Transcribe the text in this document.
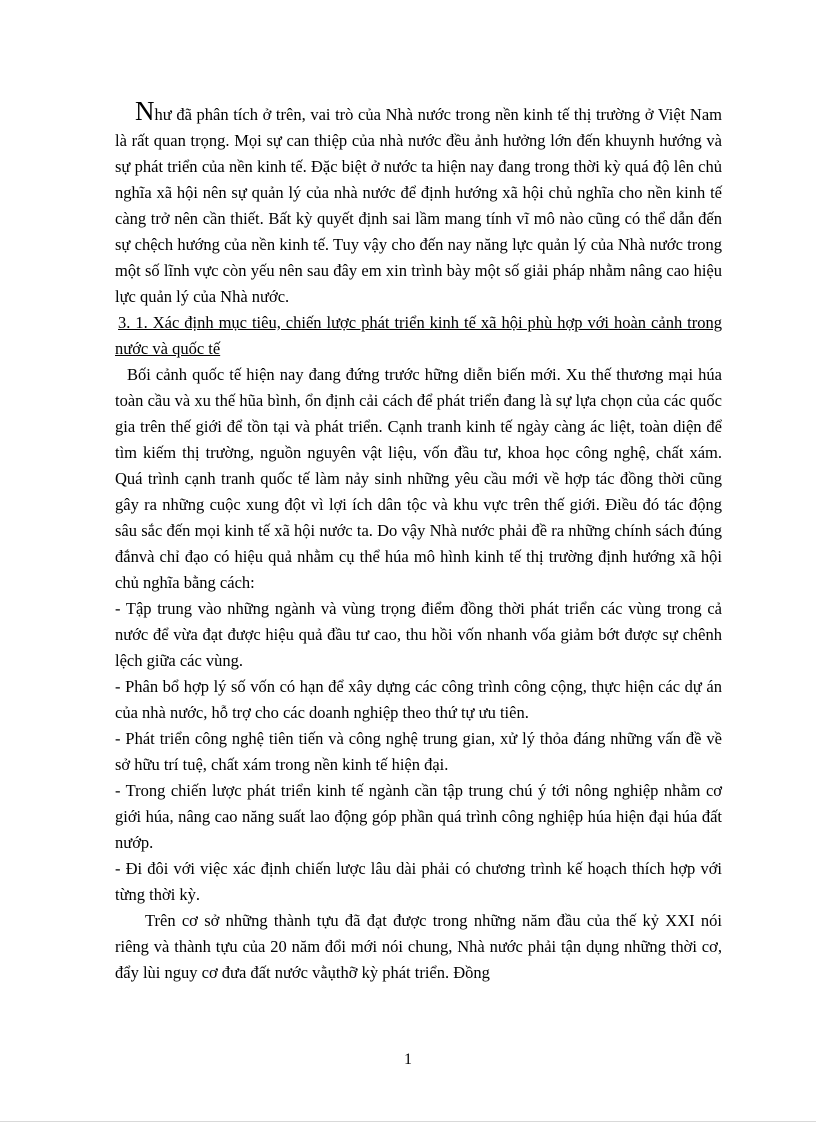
Như đã phân tích ở trên, vai trò của Nhà nước trong nền kinh tế thị trường ở Việt Nam là rất quan trọng. Mọi sự can thiệp của nhà nước đều ảnh hưởng lớn đến khuynh hướng và sự phát triển của nền kinh tế. Đặc biệt ở nước ta hiện nay đang trong thời kỳ quá độ lên chủ nghĩa xã hội nên sự quản lý của nhà nước để định hướng xã hội chủ nghĩa cho nền kinh tế càng trở nên cần thiết. Bất kỳ quyết định sai lầm mang tính vĩ mô nào cũng có thể dẫn đến sự chệch hướng của nền kinh tế. Tuy vậy cho đến nay năng lực quản lý của Nhà nước trong một số lĩnh vực còn yếu nên sau đây em xin trình bày một số giải pháp nhằm nâng cao hiệu lực quản lý của Nhà nước.

3. 1. Xác định mục tiêu, chiến lược phát triển kinh tế xã hội phù hợp với hoàn cảnh trong nước và quốc tế

Bối cảnh quốc tế hiện nay đang đứng trước hững diễn biến mới. Xu thế thương mại húa toàn cầu và xu thế hũa bình, ổn định cải cách để phát triển đang là sự lựa chọn của các quốc gia trên thế giới để tồn tại và phát triển. Cạnh tranh kinh tế ngày càng ác liệt, toàn diện để tìm kiếm thị trường, nguồn nguyên vật liệu, vốn đầu tư, khoa học công nghệ, chất xám. Quá trình cạnh tranh quốc tế làm nảy sinh những yêu cầu mới về hợp tác đồng thời cũng gây ra những cuộc xung đột vì lợi ích dân tộc và khu vực trên thế giới. Điều đó tác động sâu sắc đến mọi kinh tế xã hội nước ta. Do vậy Nhà nước phải đề ra những chính sách đúng đắnvà chỉ đạo có hiệu quả nhằm cụ thể húa mô hình kinh tế thị trường định hướng xã hội chủ nghĩa bằng cách:

- Tập trung vào những ngành và vùng trọng điểm đồng thời phát triển các vùng trong cả nước để vừa đạt được hiệu quả đầu tư cao, thu hồi vốn nhanh vốa giảm bớt được sự chênh lệch giữa các vùng.

- Phân bổ hợp lý số vốn có hạn để xây dựng các công trình công cộng, thực hiện các dự án của nhà nước, hỗ trợ cho các doanh nghiệp theo thứ tự ưu tiên.

- Phát triển công nghệ tiên tiến và công nghệ trung gian, xử lý thỏa đáng những vấn đề về sở hữu trí tuệ, chất xám trong nền kinh tế hiện đại.

- Trong chiến lược phát triển kinh tế ngành cần tập trung chú ý tới nông nghiệp nhằm cơ giới húa, nâng cao năng suất lao động góp phần quá trình công nghiệp húa hiện đại húa đất nướp.

- Đi đôi với việc xác định chiến lược lâu dài phải có chương trình kế hoạch thích hợp với từng thời kỳ.

Trên cơ sở những thành tựu đã đạt được trong những năm đầu của thế kỷ XXI nói riêng và thành tựu của 20 năm đổi mới nói chung, Nhà nước phải tận dụng những thời cơ, đẩy lùi nguy cơ đưa đất nước vằụthỡ kỳ phát triển. Đồng

1
